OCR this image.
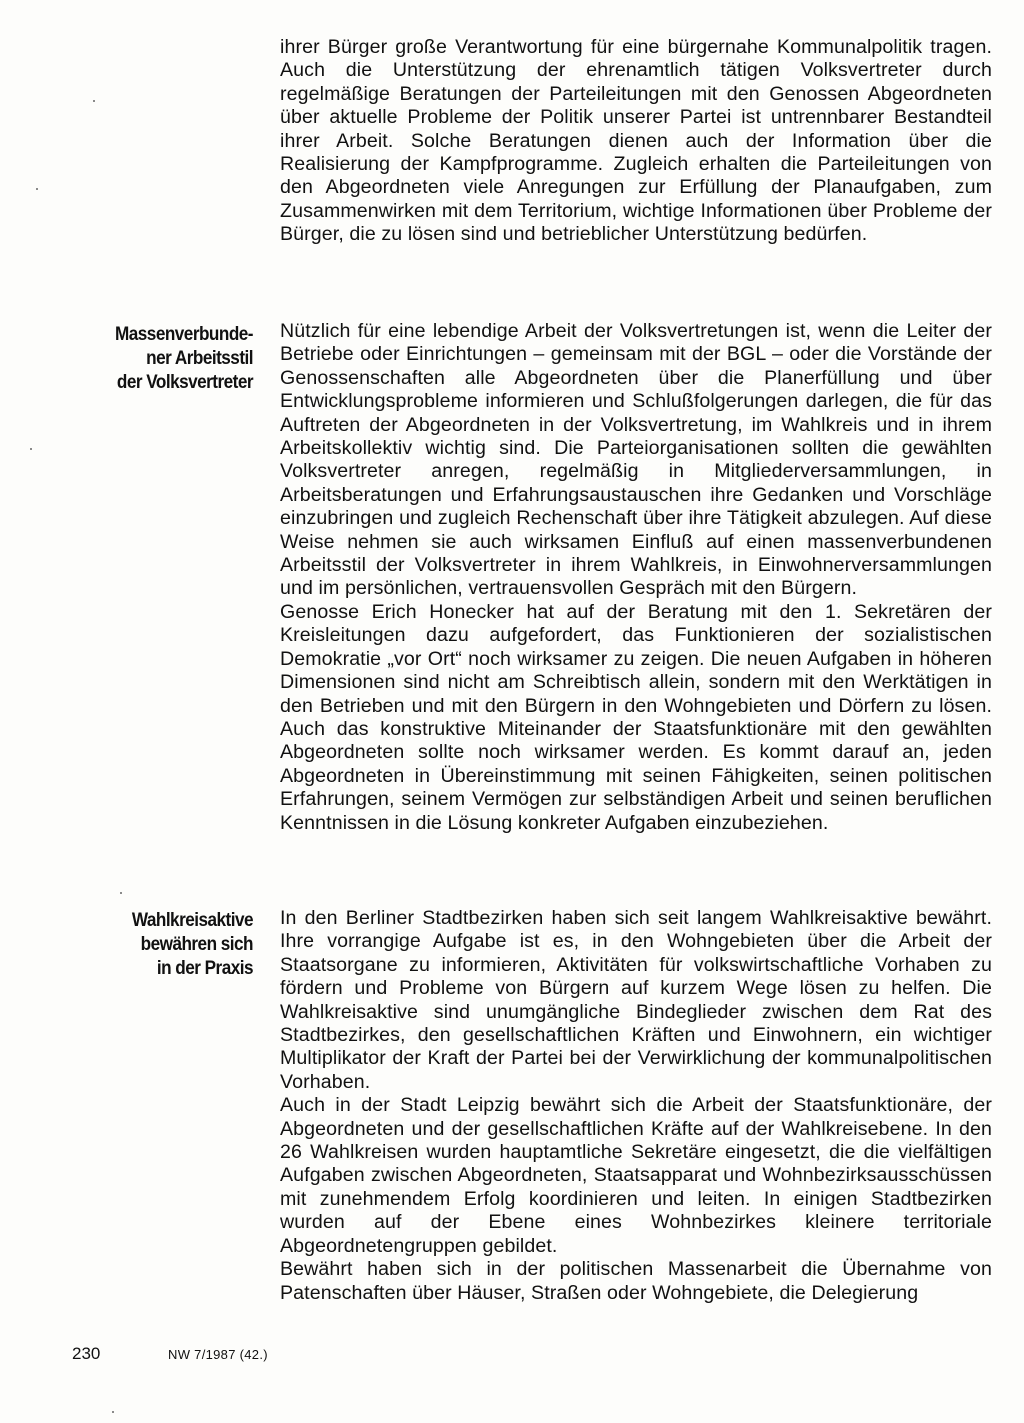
ihrer Bürger große Verantwortung für eine bürgernahe Kommunalpolitik tragen. Auch die Unterstützung der ehrenamtlich tätigen Volksvertreter durch regelmäßige Beratungen der Parteileitungen mit den Genossen Abgeordneten über aktuelle Probleme der Politik unserer Partei ist untrennbarer Bestandteil ihrer Arbeit. Solche Beratungen dienen auch der Information über die Realisierung der Kampfprogramme. Zugleich erhalten die Parteileitungen von den Abgeordneten viele Anregungen zur Erfüllung der Planaufgaben, zum Zusammenwirken mit dem Territorium, wichtige Informationen über Probleme der Bürger, die zu lösen sind und betrieblicher Unterstützung bedürfen.

Massenverbunde-
ner Arbeitsstil
der Volksvertreter

Nützlich für eine lebendige Arbeit der Volksvertretungen ist, wenn die Leiter der Betriebe oder Einrichtungen – gemeinsam mit der BGL – oder die Vorstände der Genossenschaften alle Abgeordneten über die Planerfüllung und über Entwicklungsprobleme informieren und Schlußfolgerungen darlegen, die für das Auftreten der Abgeordneten in der Volksvertretung, im Wahlkreis und in ihrem Arbeitskollektiv wichtig sind. Die Parteiorganisationen sollten die gewählten Volksvertreter anregen, regelmäßig in Mitgliederversammlungen, in Arbeitsberatungen und Erfahrungsaustauschen ihre Gedanken und Vorschläge einzubringen und zugleich Rechenschaft über ihre Tätigkeit abzulegen. Auf diese Weise nehmen sie auch wirksamen Einfluß auf einen massenverbundenen Arbeitsstil der Volksvertreter in ihrem Wahlkreis, in Einwohnerversammlungen und im persönlichen, vertrauensvollen Gespräch mit den Bürgern.

Genosse Erich Honecker hat auf der Beratung mit den 1. Sekretären der Kreisleitungen dazu aufgefordert, das Funktionieren der sozialistischen Demokratie „vor Ort“ noch wirksamer zu zeigen. Die neuen Aufgaben in höheren Dimensionen sind nicht am Schreibtisch allein, sondern mit den Werktätigen in den Betrieben und mit den Bürgern in den Wohngebieten und Dörfern zu lösen. Auch das konstruktive Miteinander der Staatsfunktionäre mit den gewählten Abgeordneten sollte noch wirksamer werden. Es kommt darauf an, jeden Abgeordneten in Übereinstimmung mit seinen Fähigkeiten, seinen politischen Erfahrungen, seinem Vermögen zur selbständigen Arbeit und seinen beruflichen Kenntnissen in die Lösung konkreter Aufgaben einzubeziehen.

Wahlkreisaktive
bewähren sich
in der Praxis

In den Berliner Stadtbezirken haben sich seit langem Wahlkreisaktive bewährt. Ihre vorrangige Aufgabe ist es, in den Wohngebieten über die Arbeit der Staatsorgane zu informieren, Aktivitäten für volkswirtschaftliche Vorhaben zu fördern und Probleme von Bürgern auf kurzem Wege lösen zu helfen. Die Wahlkreisaktive sind unumgängliche Bindeglieder zwischen dem Rat des Stadtbezirkes, den gesellschaftlichen Kräften und Einwohnern, ein wichtiger Multiplikator der Kraft der Partei bei der Verwirklichung der kommunalpolitischen Vorhaben.

Auch in der Stadt Leipzig bewährt sich die Arbeit der Staatsfunktionäre, der Abgeordneten und der gesellschaftlichen Kräfte auf der Wahlkreisebene. In den 26 Wahlkreisen wurden hauptamtliche Sekretäre eingesetzt, die die vielfältigen Aufgaben zwischen Abgeordneten, Staatsapparat und Wohnbezirksausschüssen mit zunehmendem Erfolg koordinieren und leiten. In einigen Stadtbezirken wurden auf der Ebene eines Wohnbezirkes kleinere territoriale Abgeordnetengruppen gebildet.

Bewährt haben sich in der politischen Massenarbeit die Übernahme von Patenschaften über Häuser, Straßen oder Wohngebiete, die Delegierung

230	NW 7/1987 (42.)
